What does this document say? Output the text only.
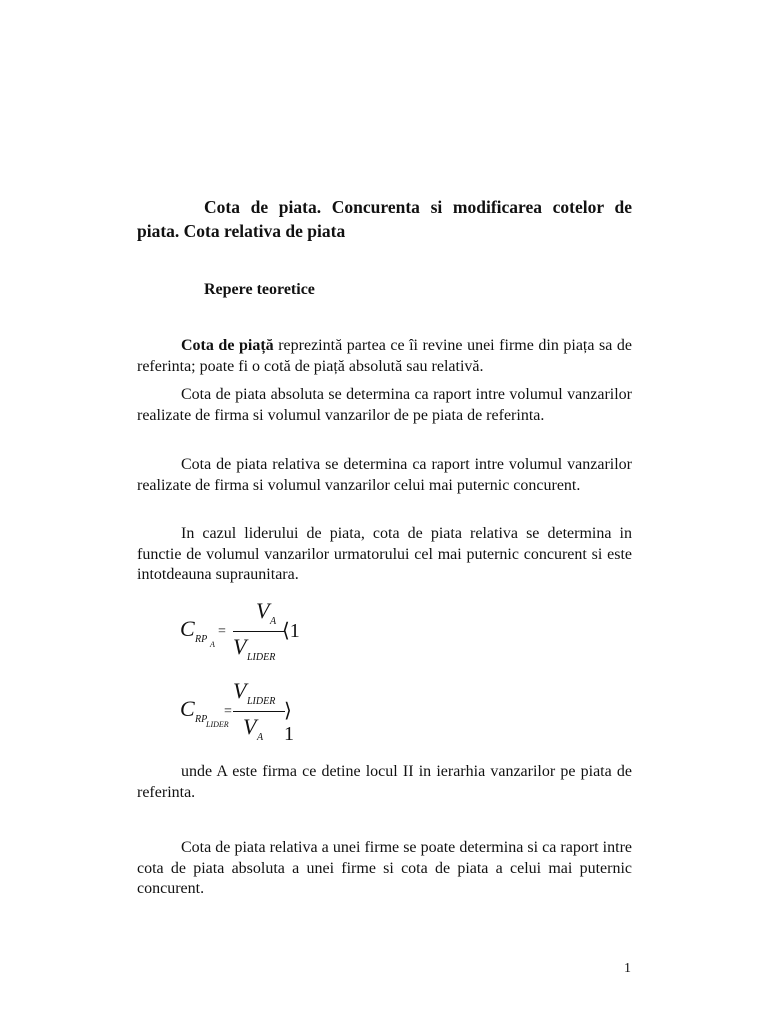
Cota de piata. Concurenta si modificarea cotelor de piata. Cota relativa de piata

Repere teoretice

Cota de piață reprezintă partea ce îi revine unei firme din piața sa de referinta; poate fi o cotă de piață absolută sau relativă.

Cota de piata absoluta se determina ca raport intre volumul vanzarilor realizate de firma si volumul vanzarilor de pe piata de referinta.

Cota de piata relativa se determina ca raport intre volumul vanzarilor realizate de firma si volumul vanzarilor celui mai puternic concurent.

In cazul liderului de piata, cota de piata relativa se determina in functie de volumul vanzarilor urmatorului cel mai puternic concurent si este intotdeauna supraunitara.

C RP A
=
V A
V LIDER
⟨1
C RP
LIDER
=
V LIDER
V A
⟩1

unde A este firma ce detine locul II in ierarhia vanzarilor pe piata de referinta.

Cota de piata relativa a unei firme se poate determina si ca raport intre cota de piata absoluta a unei firme si cota de piata a celui mai puternic concurent.

1
